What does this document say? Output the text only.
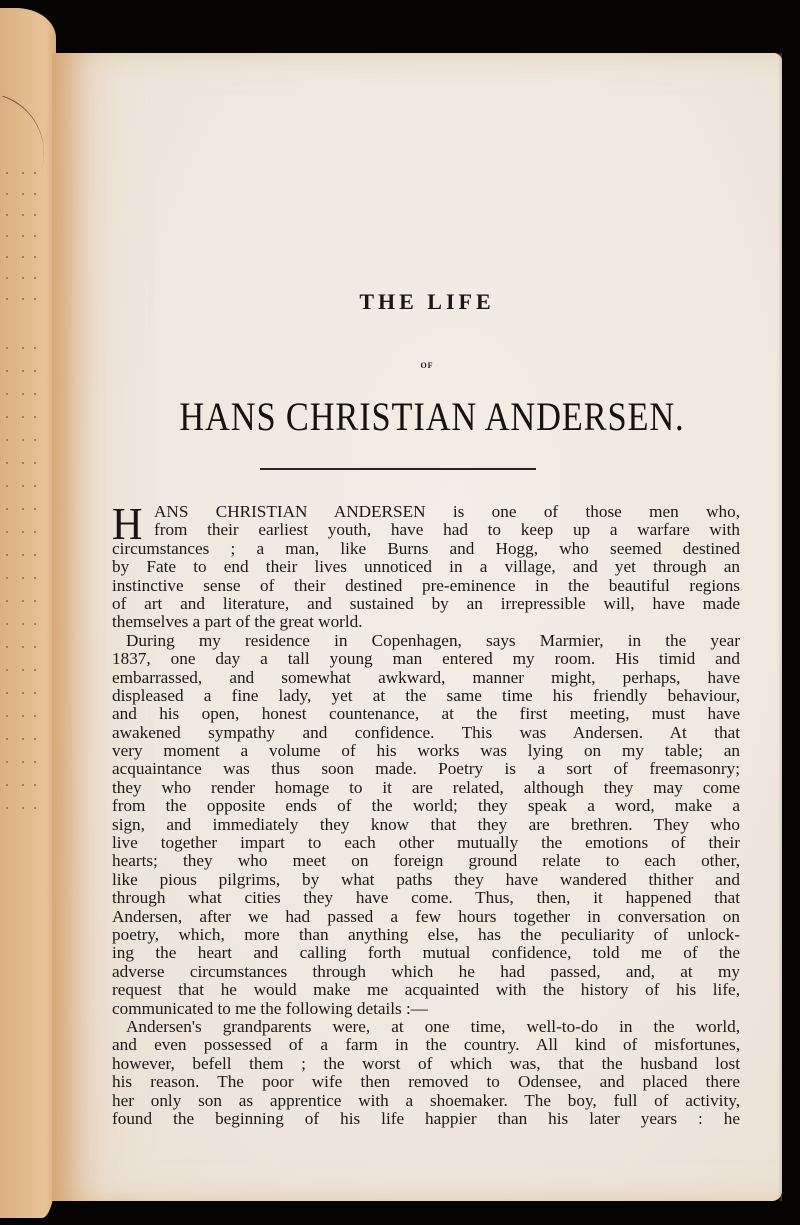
THE LIFE
OF
HANS CHRISTIAN ANDERSEN.
H ANS CHRISTIAN ANDERSEN is one of those men who,
from their earliest youth, have had to keep up a warfare with
circumstances ; a man, like Burns and Hogg, who seemed destined
by Fate to end their lives unnoticed in a village, and yet through an
instinctive sense of their destined pre-eminence in the beautiful regions
of art and literature, and sustained by an irrepressible will, have made
themselves a part of the great world.
During my residence in Copenhagen, says Marmier, in the year
1837, one day a tall young man entered my room. His timid and
embarrassed, and somewhat awkward, manner might, perhaps, have
displeased a fine lady, yet at the same time his friendly behaviour,
and his open, honest countenance, at the first meeting, must have
awakened sympathy and confidence. This was Andersen. At that
very moment a volume of his works was lying on my table; an
acquaintance was thus soon made. Poetry is a sort of freemasonry;
they who render homage to it are related, although they may come
from the opposite ends of the world; they speak a word, make a
sign, and immediately they know that they are brethren. They who
live together impart to each other mutually the emotions of their
hearts; they who meet on foreign ground relate to each other,
like pious pilgrims, by what paths they have wandered thither and
through what cities they have come. Thus, then, it happened that
Andersen, after we had passed a few hours together in conversation on
poetry, which, more than anything else, has the peculiarity of unlock-
ing the heart and calling forth mutual confidence, told me of the
adverse circumstances through which he had passed, and, at my
request that he would make me acquainted with the history of his life,
communicated to me the following details :—
Andersen's grandparents were, at one time, well-to-do in the world,
and even possessed of a farm in the country. All kind of misfortunes,
however, befell them ; the worst of which was, that the husband lost
his reason. The poor wife then removed to Odensee, and placed there
her only son as apprentice with a shoemaker. The boy, full of activity,
found the beginning of his life happier than his later years : he
